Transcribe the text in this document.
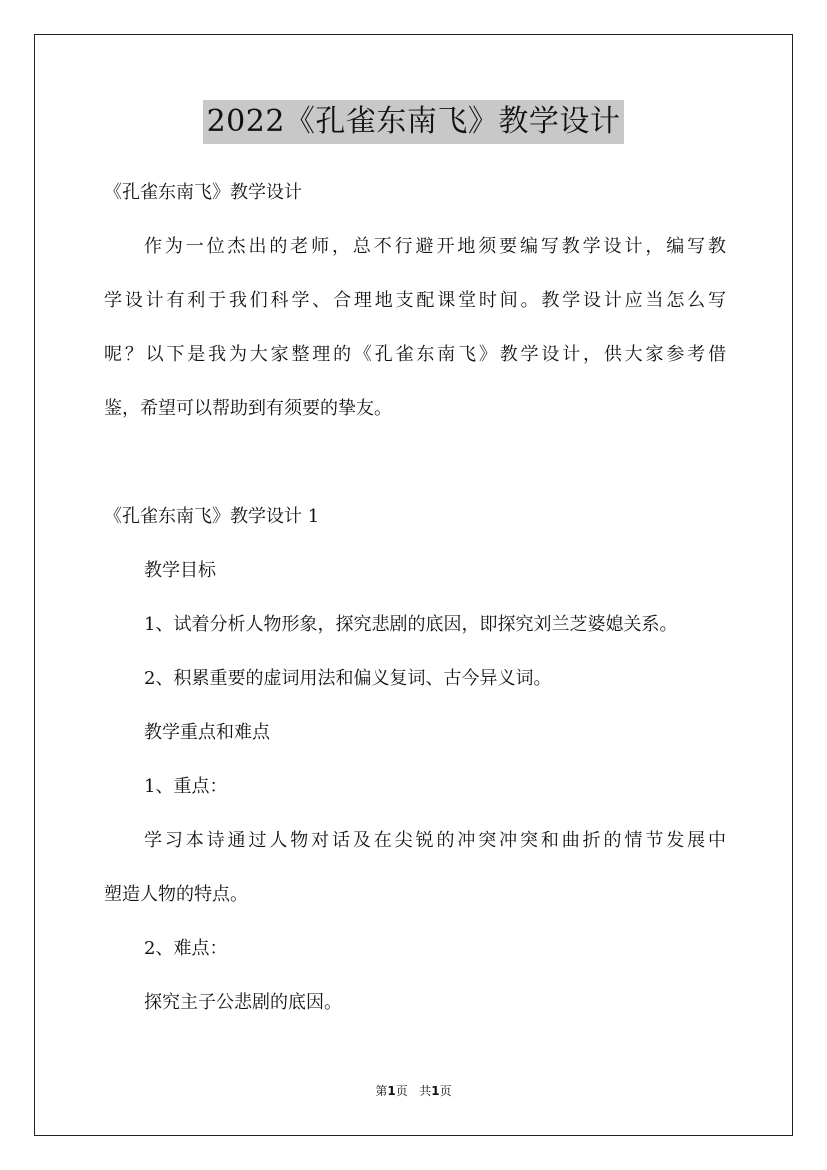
2022《孔雀东南飞》教学设计

《孔雀东南飞》教学设计

作为一位杰出的老师，总不行避开地须要编写教学设计，编写教

学设计有利于我们科学、合理地支配课堂时间。教学设计应当怎么写

呢？以下是我为大家整理的《孔雀东南飞》教学设计，供大家参考借

鉴，希望可以帮助到有须要的挚友。

《孔雀东南飞》教学设计 1

教学目标

1、试着分析人物形象，探究悲剧的底因，即探究刘兰芝婆媳关系。

2、积累重要的虚词用法和偏义复词、古今异义词。

教学重点和难点

1、重点：

学习本诗通过人物对话及在尖锐的冲突冲突和曲折的情节发展中

塑造人物的特点。

2、难点：

探究主子公悲剧的底因。

第1页 共1页
